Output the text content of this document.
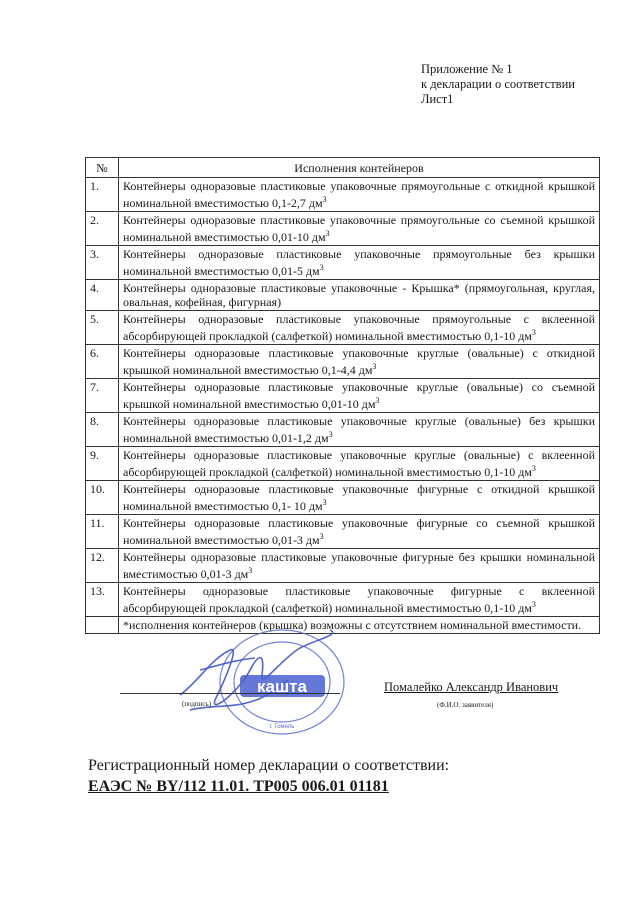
Приложение № 1
к декларации о соответствии
Лист1
№	Исполнения контейнеров
1.	Контейнеры одноразовые пластиковые упаковочные прямоугольные с откидной крышкой номинальной вместимостью 0,1-2,7 $дм^3$
2.	Контейнеры одноразовые пластиковые упаковочные прямоугольные со съемной крышкой номинальной вместимостью 0,01-10 $дм^3$
3.	Контейнеры одноразовые пластиковые упаковочные прямоугольные без крышки номинальной вместимостью 0,01-5 $дм^3$
4.	Контейнеры одноразовые пластиковые упаковочные - Крышка* (прямоугольная, круглая, овальная, кофейная, фигурная)
5.	Контейнеры одноразовые пластиковые упаковочные прямоугольные с вклеенной абсорбирующей прокладкой (салфеткой) номинальной вместимостью 0,1-10 $дм^3$
6.	Контейнеры одноразовые пластиковые упаковочные круглые (овальные) с откидной крышкой номинальной вместимостью 0,1-4,4 $дм^3$
7.	Контейнеры одноразовые пластиковые упаковочные круглые (овальные) со съемной крышкой номинальной вместимостью 0,01-10 $дм^3$
8.	Контейнеры одноразовые пластиковые упаковочные круглые (овальные) без крышки номинальной вместимостью 0,01-1,2 $дм^3$
9.	Контейнеры одноразовые пластиковые упаковочные круглые (овальные) с вклеенной абсорбирующей прокладкой (салфеткой) номинальной вместимостью 0,1-10 $дм^3$
10.	Контейнеры одноразовые пластиковые упаковочные фигурные с откидной крышкой номинальной вместимостью 0,1- 10 $дм^3$
11.	Контейнеры одноразовые пластиковые упаковочные фигурные со съемной крышкой номинальной вместимостью 0,01-3 $дм^3$
12.	Контейнеры одноразовые пластиковые упаковочные фигурные без крышки номинальной вместимостью 0,01-3 $дм^3$
13.	Контейнеры одноразовые пластиковые упаковочные фигурные с вклеенной абсорбирующей прокладкой (салфеткой) номинальной вместимостью 0,1-10 $дм^3$
	*исполнения контейнеров (крышка) возможны с отсутствием номинальной вместимости.
кашта
г. Гомель
(подпись)
Помалейко Александр Иванович
(Ф.И.О. заявителя)
Регистрационный номер декларации о соответствии:
ЕАЭС № BY/112 11.01. ТР005 006.01 01181
